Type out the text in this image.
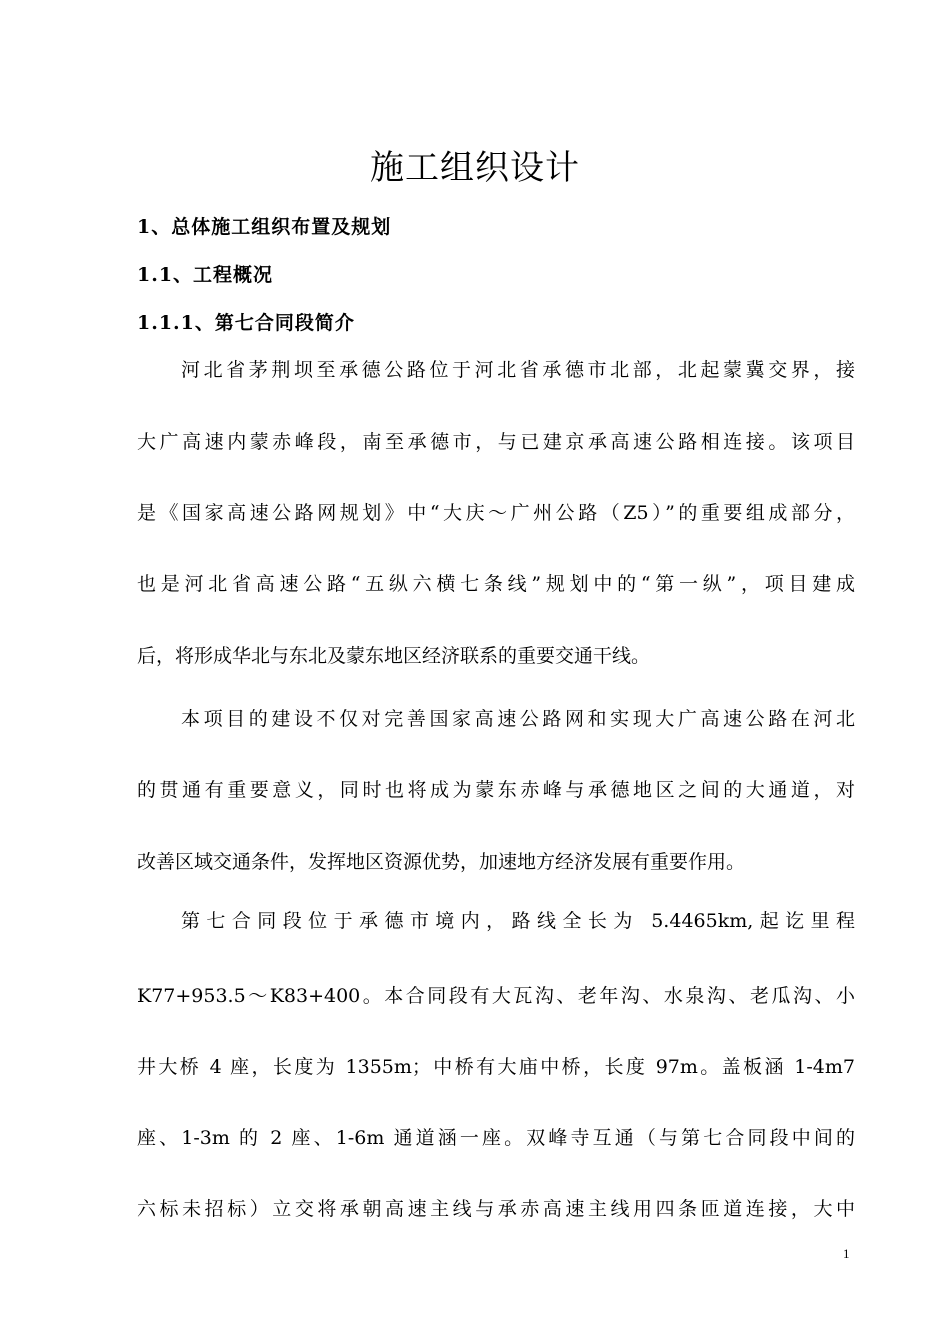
施工组织设计
1、总体施工组织布置及规划
1.1、工程概况
1.1.1、第七合同段简介
河北省茅荆坝至承德公路位于河北省承德市北部，北起蒙冀交界，接
大广高速内蒙赤峰段，南至承德市，与已建京承高速公路相连接。该项目
是《国家高速公路网规划》中“大庆～广州公路（Z5）”的重要组成部分，
也是河北省高速公路“五纵六横七条线”规划中的“第一纵”，项目建成
后，将形成华北与东北及蒙东地区经济联系的重要交通干线。
本项目的建设不仅对完善国家高速公路网和实现大广高速公路在河北
的贯通有重要意义，同时也将成为蒙东赤峰与承德地区之间的大通道，对
改善区域交通条件，发挥地区资源优势，加速地方经济发展有重要作用。
第七合同段位于承德市境内，路线全长为 5.4465km,起讫里程
K77+953.5～K83+400。本合同段有大瓦沟、老年沟、水泉沟、老瓜沟、小
井大桥 4 座，长度为 1355m；中桥有大庙中桥，长度 97m。盖板涵 1-4m7
座、1-3m 的 2 座、1-6m 通道涵一座。双峰寺互通（与第七合同段中间的
六标未招标）立交将承朝高速主线与承赤高速主线用四条匝道连接，大中
1
